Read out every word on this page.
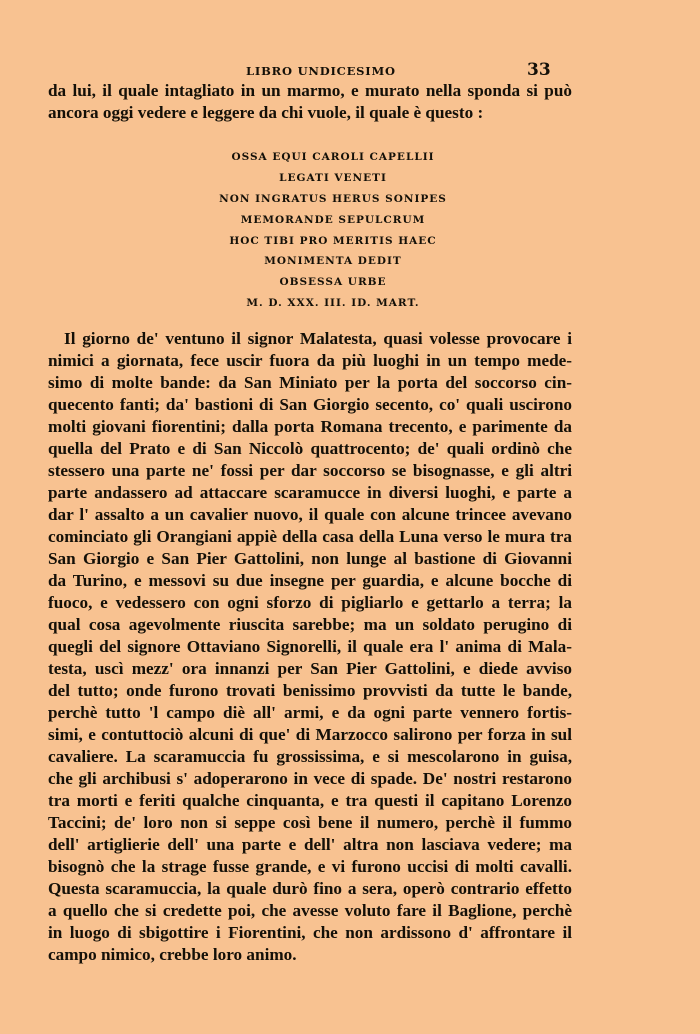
LIBRO UNDICESIMO	33
da lui, il quale intagliato in un marmo, e murato nella sponda si può
ancora oggi vedere e leggere da chi vuole, il quale è questo :
OSSA EQUI CAROLI CAPELLII
LEGATI VENETI
NON INGRATUS HERUS SONIPES
MEMORANDE SEPULCRUM
HOC TIBI PRO MERITIS HAEC
MONIMENTA DEDIT
OBSESSA URBE
M. D. XXX. III. ID. MART.
Il giorno de' ventuno il signor Malatesta, quasi volesse provocare i
nimici a giornata, fece uscir fuora da più luoghi in un tempo mede-
simo di molte bande: da San Miniato per la porta del soccorso cin-
quecento fanti; da' bastioni di San Giorgio secento, co' quali uscirono
molti giovani fiorentini; dalla porta Romana trecento, e parimente da
quella del Prato e di San Niccolò quattrocento; de' quali ordinò che
stessero una parte ne' fossi per dar soccorso se bisognasse, e gli altri
parte andassero ad attaccare scaramucce in diversi luoghi, e parte a
dar l' assalto a un cavalier nuovo, il quale con alcune trincee avevano
cominciato gli Orangiani appiè della casa della Luna verso le mura tra
San Giorgio e San Pier Gattolini, non lunge al bastione di Giovanni
da Turino, e messovi su due insegne per guardia, e alcune bocche di
fuoco, e vedessero con ogni sforzo di pigliarlo e gettarlo a terra; la
qual cosa agevolmente riuscita sarebbe; ma un soldato perugino di
quegli del signore Ottaviano Signorelli, il quale era l' anima di Mala-
testa, uscì mezz' ora innanzi per San Pier Gattolini, e diede avviso
del tutto; onde furono trovati benissimo provvisti da tutte le bande,
perchè tutto 'l campo diè all' armi, e da ogni parte vennero fortis-
simi, e contuttociò alcuni di que' di Marzocco salirono per forza in sul
cavaliere. La scaramuccia fu grossissima, e si mescolarono in guisa,
che gli archibusi s' adoperarono in vece di spade. De' nostri restarono
tra morti e feriti qualche cinquanta, e tra questi il capitano Lorenzo
Taccini; de' loro non si seppe così bene il numero, perchè il fummo
dell' artiglierie dell' una parte e dell' altra non lasciava vedere; ma
bisognò che la strage fusse grande, e vi furono uccisi di molti cavalli.
Questa scaramuccia, la quale durò fino a sera, operò contrario effetto
a quello che si credette poi, che avesse voluto fare il Baglione, perchè
in luogo di sbigottire i Fiorentini, che non ardissono d' affrontare il
campo nimico, crebbe loro animo.
